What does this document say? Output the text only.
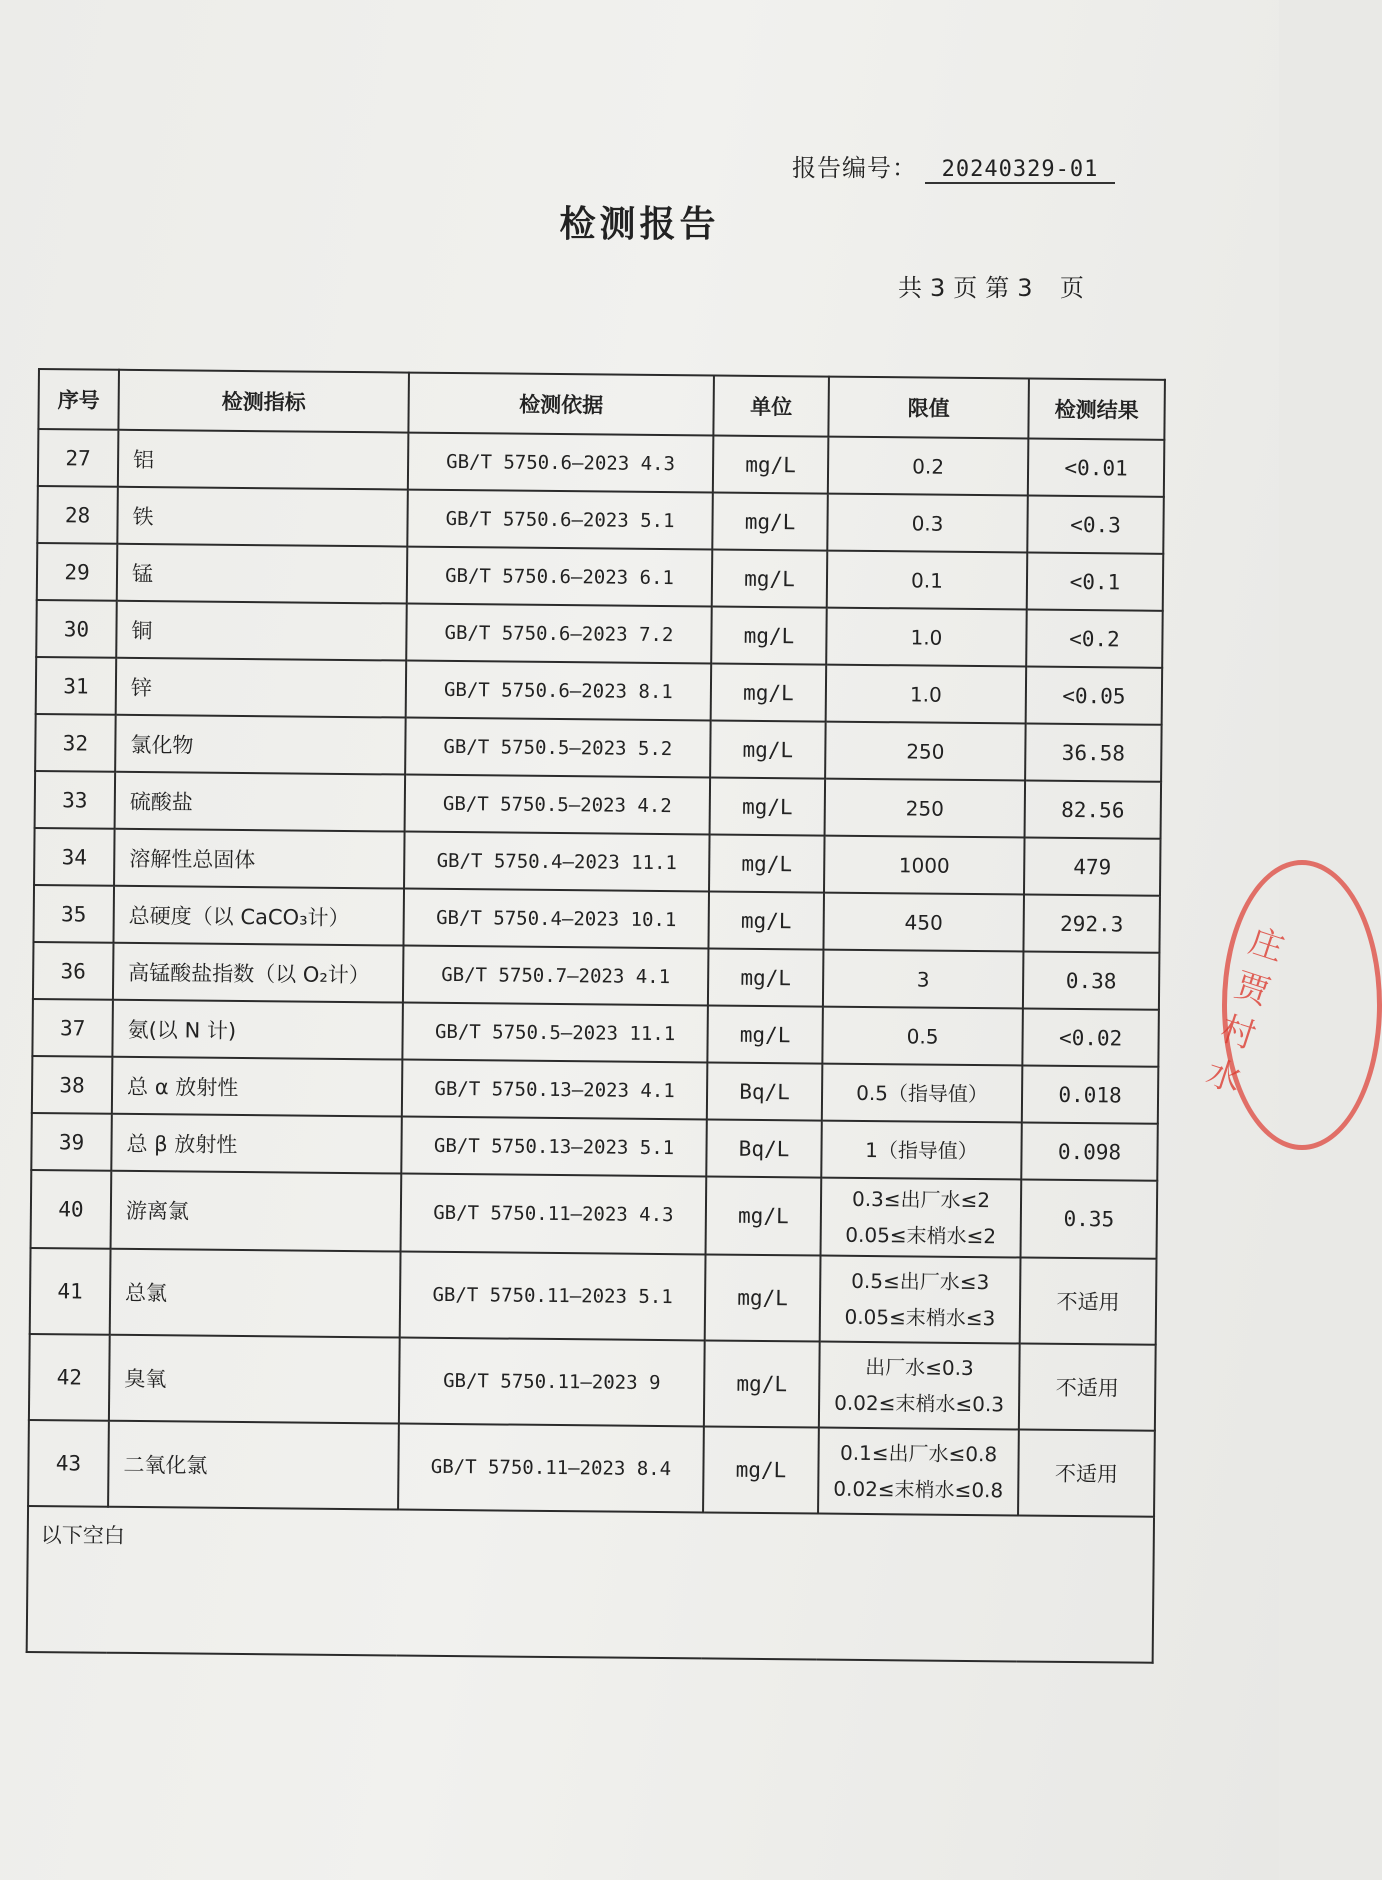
报告编号： 20240329-01
检测报告
共 3 页 第 3 页
序号	检测指标	检测依据	单位	限值	检测结果
27	铝	GB/T 5750.6—2023 4.3	mg/L	0.2	<0.01
28	铁	GB/T 5750.6—2023 5.1	mg/L	0.3	<0.3
29	锰	GB/T 5750.6—2023 6.1	mg/L	0.1	<0.1
30	铜	GB/T 5750.6—2023 7.2	mg/L	1.0	<0.2
31	锌	GB/T 5750.6—2023 8.1	mg/L	1.0	<0.05
32	氯化物	GB/T 5750.5—2023 5.2	mg/L	250	36.58
33	硫酸盐	GB/T 5750.5—2023 4.2	mg/L	250	82.56
34	溶解性总固体	GB/T 5750.4—2023 11.1	mg/L	1000	479
35	总硬度（以 CaCO₃计）	GB/T 5750.4—2023 10.1	mg/L	450	292.3
36	高锰酸盐指数（以 O₂计）	GB/T 5750.7—2023 4.1	mg/L	3	0.38
37	氨(以 N 计)	GB/T 5750.5—2023 11.1	mg/L	0.5	<0.02
38	总 α 放射性	GB/T 5750.13—2023 4.1	Bq/L	0.5（指导值）	0.018
39	总 β 放射性	GB/T 5750.13—2023 5.1	Bq/L	1（指导值）	0.098
40	游离氯	GB/T 5750.11—2023 4.3	mg/L	0.3≤出厂水≤2
0.05≤末梢水≤2	0.35
41	总氯	GB/T 5750.11—2023 5.1	mg/L	0.5≤出厂水≤3
0.05≤末梢水≤3	不适用
42	臭氧	GB/T 5750.11—2023 9	mg/L	出厂水≤0.3
0.02≤末梢水≤0.3	不适用
43	二氧化氯	GB/T 5750.11—2023 8.4	mg/L	0.1≤出厂水≤0.8
0.02≤末梢水≤0.8	不适用
以下空白					
庄
贾
村
水
